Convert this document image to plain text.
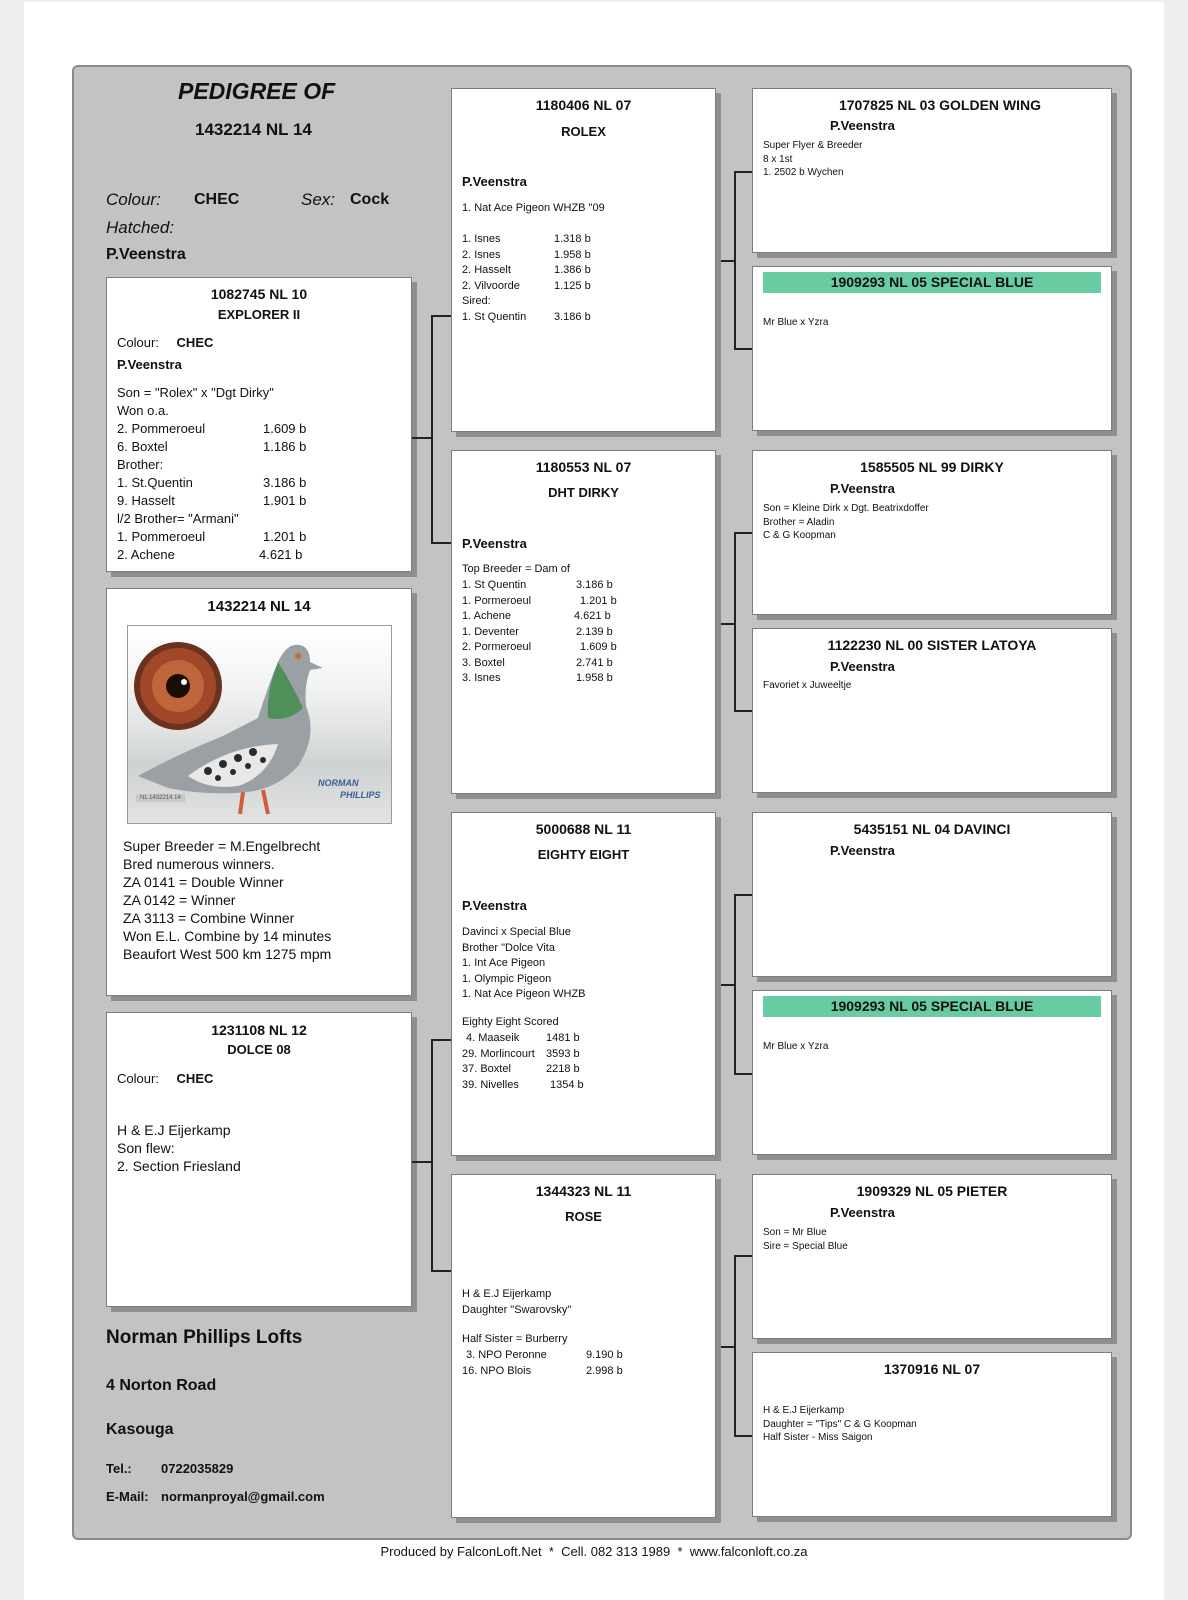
PEDIGREE OF
1432214 NL 14
Colour: CHEC	Sex: Cock
Hatched:
P.Veenstra
1082745 NL 10
EXPLORER II
Colour: CHEC
P.Veenstra
Son = "Rolex" x "Dgt Dirky"
Won o.a.
2. Pommeroeul	1.609 b
6. Boxtel	1.186 b
Brother:
1. St.Quentin	3.186 b
9. Hasselt	1.901 b
l/2 Brother= "Armani"
1. Pommeroeul	1.201 b
2. Achene	4.621 b
1432214 NL 14
NL 1432214 14
NORMAN
PHILLIPS
Super Breeder = M.Engelbrecht
Bred numerous winners.
ZA 0141 = Double Winner
ZA 0142 = Winner
ZA 3113 = Combine Winner
Won E.L. Combine by 14 minutes
Beaufort West 500 km 1275 mpm
1231108 NL 12
DOLCE 08
Colour: CHEC
H & E.J Eijerkamp
Son flew:
2. Section Friesland
Norman Phillips Lofts
4 Norton Road
Kasouga
Tel.: 0722035829
E-Mail: normanproyal@gmail.com
1180406 NL 07
ROLEX
P.Veenstra
1. Nat Ace Pigeon WHZB "09
1. Isnes	1.318 b
2. Isnes	1.958 b
2. Hasselt	1.386 b
2. Vilvoorde	1.125 b
Sired:
1. St Quentin	3.186 b
1180553 NL 07
DHT DIRKY
P.Veenstra
Top Breeder = Dam of
1. St Quentin	3.186 b
1. Pormeroeul	1.201 b
1. Achene	4.621 b
1. Deventer	2.139 b
2. Pormeroeul	1.609 b
3. Boxtel	2.741 b
3. Isnes	1.958 b
5000688 NL 11
EIGHTY EIGHT
P.Veenstra
Davinci x Special Blue
Brother "Dolce Vita
1. Int Ace Pigeon
1. Olympic Pigeon
1. Nat Ace Pigeon WHZB
Eighty Eight Scored
4. Maaseik	1481 b
29. Morlincourt	3593 b
37. Boxtel	2218 b
39. Nivelles	1354 b
1344323 NL 11
ROSE
H & E.J Eijerkamp
Daughter "Swarovsky"
Half Sister = Burberry
3. NPO Peronne	9.190 b
16. NPO Blois	2.998 b
1707825 NL 03 GOLDEN WING
P.Veenstra
Super Flyer & Breeder
8 x 1st
1. 2502 b Wychen
1909293 NL 05 SPECIAL BLUE
Mr Blue x Yzra
1585505 NL 99 DIRKY
P.Veenstra
Son = Kleine Dirk x Dgt. Beatrixdoffer
Brother = Aladin
C & G Koopman
1122230 NL 00 SISTER LATOYA
P.Veenstra
Favoriet x Juweeltje
5435151 NL 04 DAVINCI
P.Veenstra
1909293 NL 05 SPECIAL BLUE
Mr Blue x Yzra
1909329 NL 05 PIETER
P.Veenstra
Son = Mr Blue
Sire = Special Blue
1370916 NL 07
H & E.J Eijerkamp
Daughter = "Tips" C & G Koopman
Half Sister - Miss Saigon
Produced by FalconLoft.Net  *  Cell. 082 313 1989  *  www.falconloft.co.za
